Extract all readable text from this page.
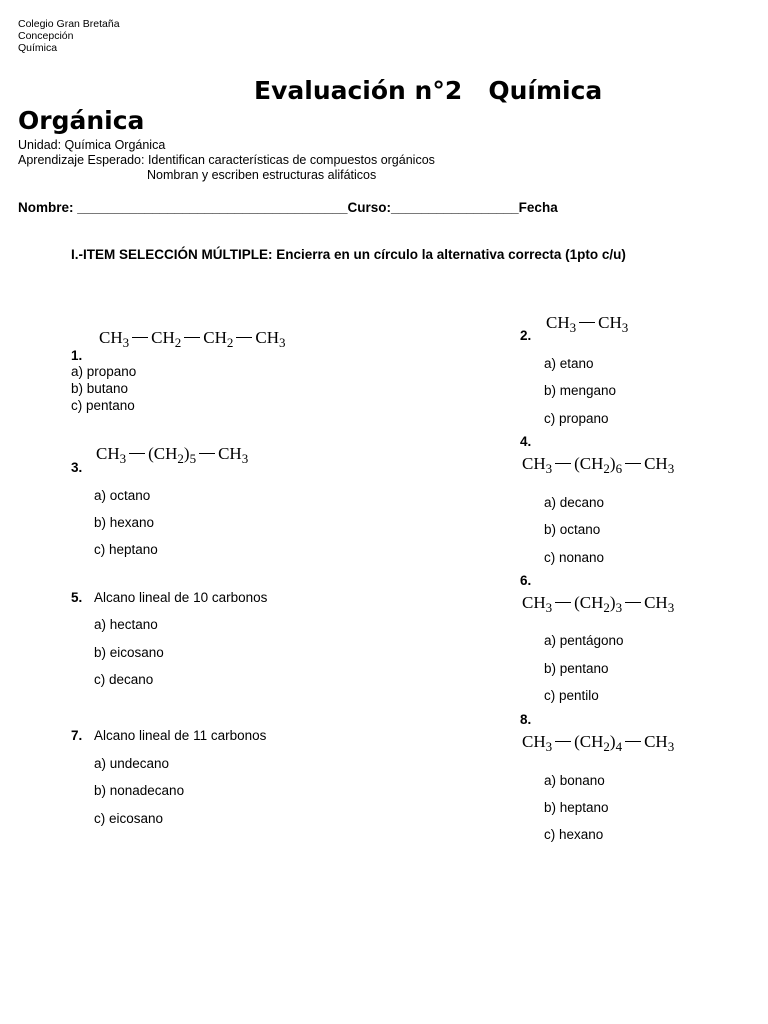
Colegio Gran Bretaña
Concepción
Química
Evaluación n°2   Química
Orgánica
Unidad: Química Orgánica
Aprendizaje Esperado: Identifican características de compuestos orgánicos
Nombran y escriben estructuras alifáticos
Nombre: ____________________________________Curso:_________________Fecha
I.-ITEM SELECCIÓN MÚLTIPLE: Encierra en un círculo la alternativa correcta (1pto c/u)
$CH_3$ $CH_2$ $CH_2$ $CH_3$
1.
a) propano
b) butano
c) pentano
$CH_3$ $CH_3$
2.
a) etano
b) mengano
c) propano
$CH_3$ $(CH_2)_5$ $CH_3$
3.
a) octano
b) hexano
c) heptano
4.
$CH_3$ $(CH_2)_6$ $CH_3$
a) decano
b) octano
c) nonano
5. Alcano lineal de 10 carbonos
a) hectano
b) eicosano
c) decano
6.
$CH_3$ $(CH_2)_3$ $CH_3$
a) pentágono
b) pentano
c) pentilo
7. Alcano lineal de 11 carbonos
a) undecano
b) nonadecano
c) eicosano
8.
$CH_3$ $(CH_2)_4$ $CH_3$
a) bonano
b) heptano
c) hexano
